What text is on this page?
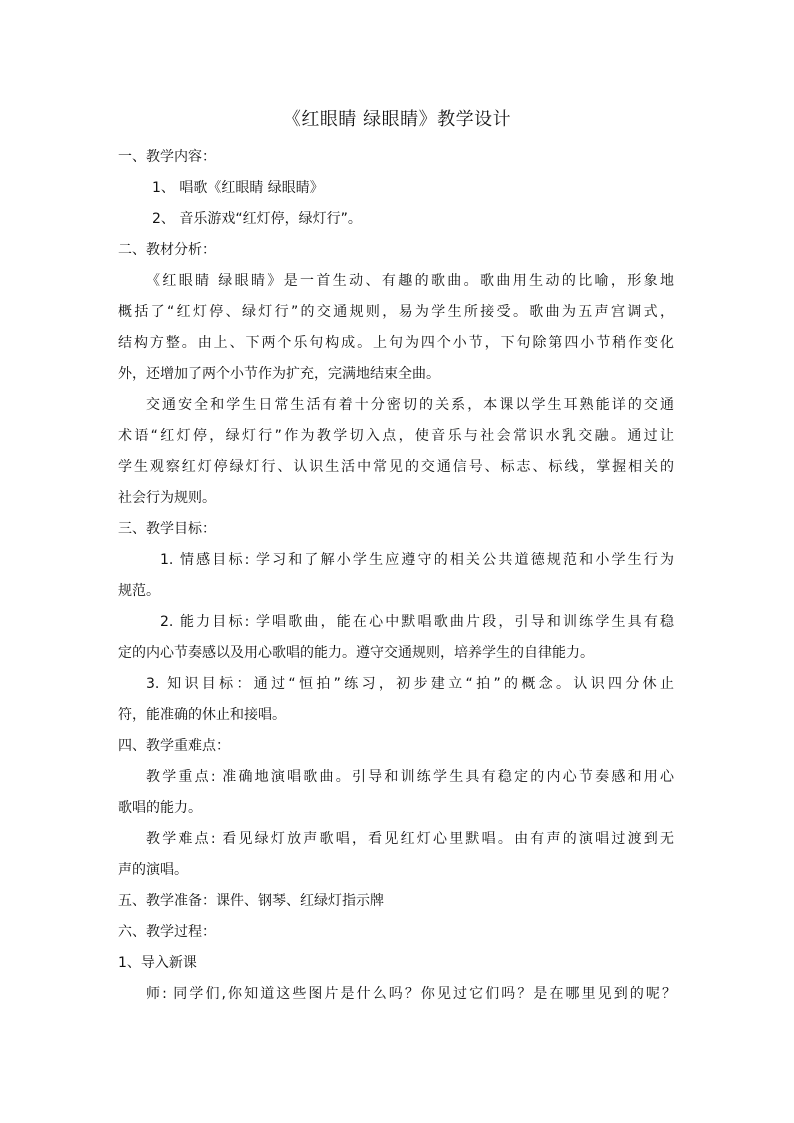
《红眼睛 绿眼睛》教学设计
一、教学内容：
1、 唱歌《红眼睛 绿眼睛》
2、 音乐游戏“红灯停，绿灯行”。
二、教材分析：
《红眼睛 绿眼睛》是一首生动、有趣的歌曲。歌曲用生动的比喻，形象地
概括了“红灯停、绿灯行”的交通规则，易为学生所接受。歌曲为五声宫调式，
结构方整。由上、下两个乐句构成。上句为四个小节，下句除第四小节稍作变化
外，还增加了两个小节作为扩充，完满地结束全曲。
交通安全和学生日常生活有着十分密切的关系，本课以学生耳熟能详的交通
术语“红灯停，绿灯行”作为教学切入点，使音乐与社会常识水乳交融。通过让
学生观察红灯停绿灯行、认识生活中常见的交通信号、标志、标线，掌握相关的
社会行为规则。
三、教学目标：
1. 情感目标: 学习和了解小学生应遵守的相关公共道德规范和小学生行为
规范。
2. 能力目标: 学唱歌曲，能在心中默唱歌曲片段，引导和训练学生具有稳
定的内心节奏感以及用心歌唱的能力。遵守交通规则，培养学生的自律能力。
3. 知识目标：通过“恒拍”练习，初步建立“拍”的概念。认识四分休止
符，能准确的休止和接唱。
四、教学重难点：
教学重点: 准确地演唱歌曲。引导和训练学生具有稳定的内心节奏感和用心
歌唱的能力。
教学难点: 看见绿灯放声歌唱，看见红灯心里默唱。由有声的演唱过渡到无
声的演唱。
五、教学准备：课件、钢琴、红绿灯指示牌
六、教学过程：
1、导入新课
师: 同学们,你知道这些图片是什么吗？你见过它们吗？是在哪里见到的呢？
